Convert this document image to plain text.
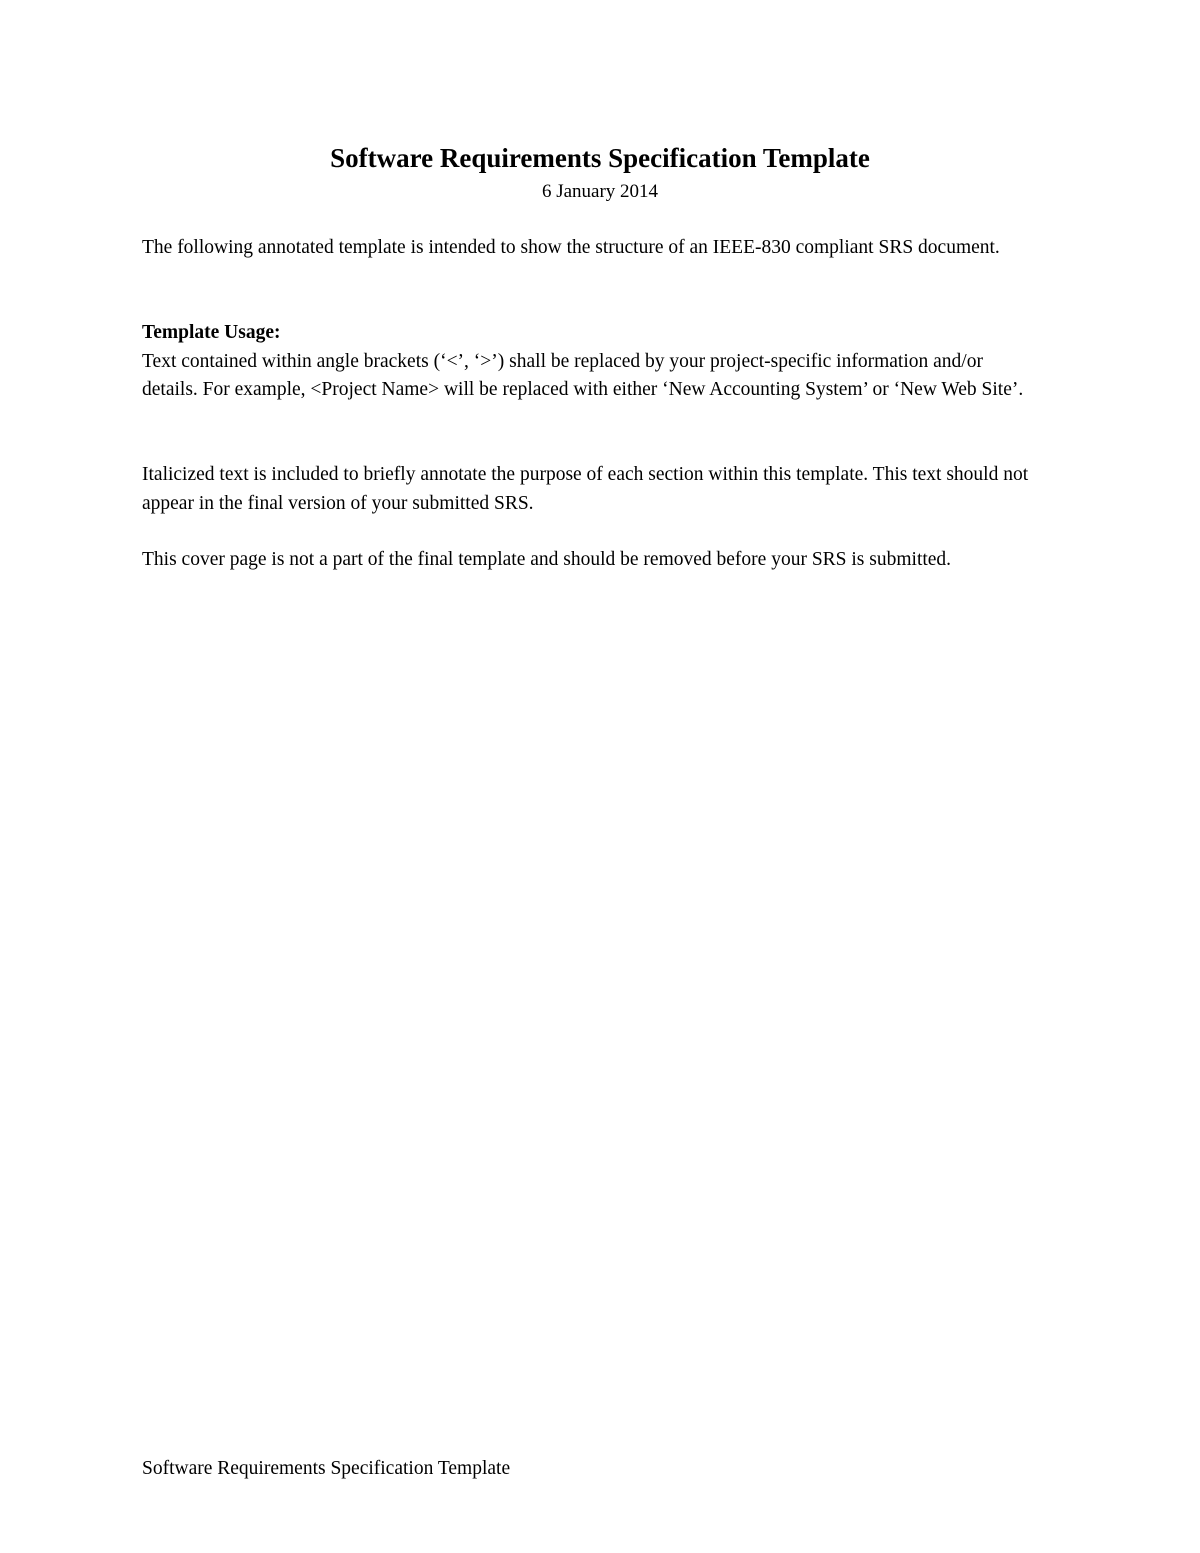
Software Requirements Specification Template
6 January 2014

The following annotated template is intended to show the structure of an IEEE-830 compliant SRS document.

Template Usage:

Text contained within angle brackets (‘<’, ‘>’) shall be replaced by your project-specific information and/or details. For example, <Project Name> will be replaced with either ‘New Accounting System’ or ‘New Web Site’.

Italicized text is included to briefly annotate the purpose of each section within this template. This text should not appear in the final version of your submitted SRS.

This cover page is not a part of the final template and should be removed before your SRS is submitted.

Software Requirements Specification Template
